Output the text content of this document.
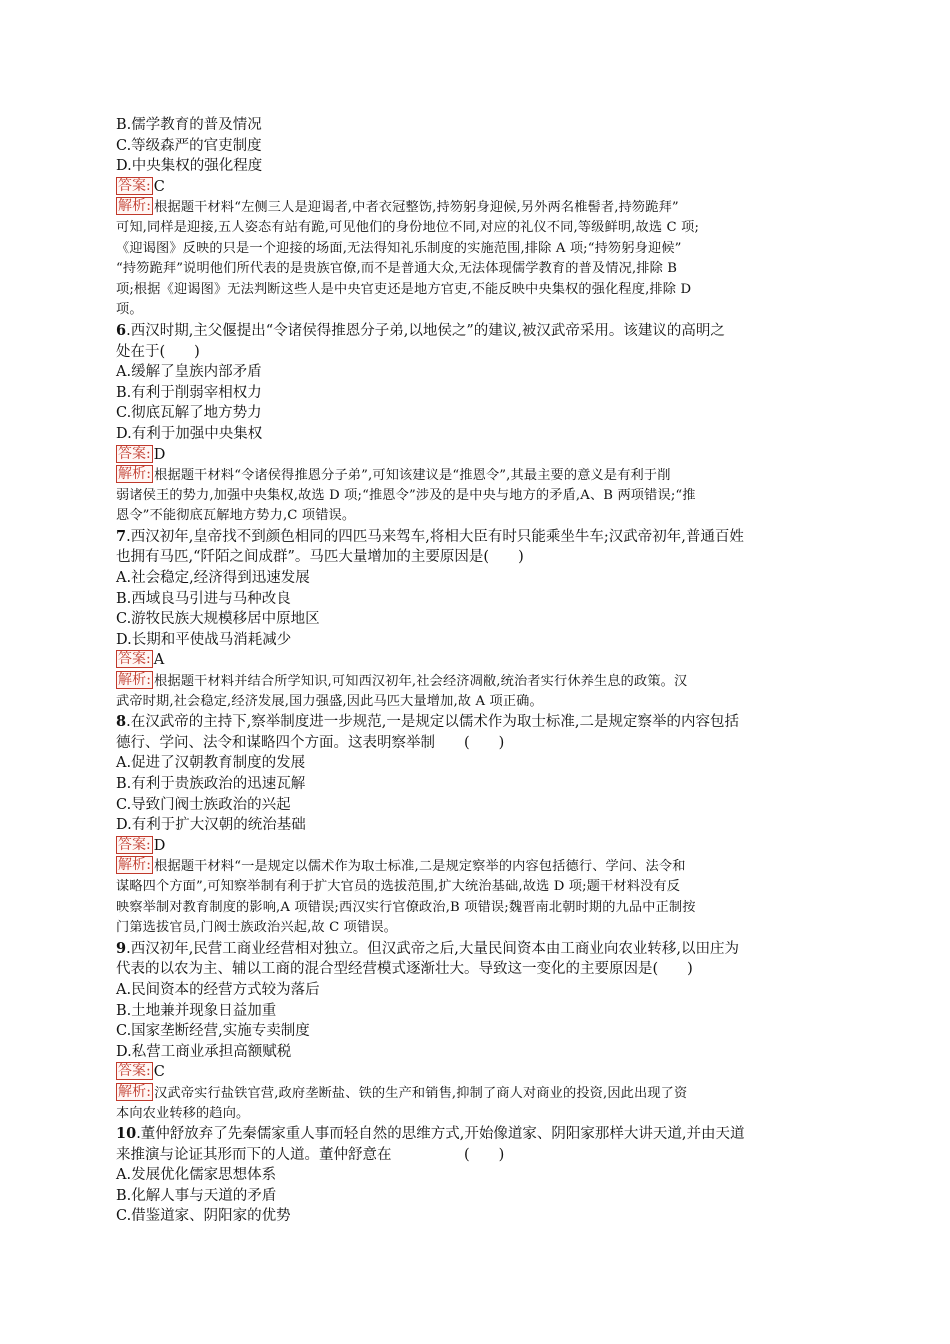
B.儒学教育的普及情况
C.等级森严的官吏制度
D.中央集权的强化程度
答案: C
解析: 根据题干材料“左侧三人是迎谒者,中者衣冠整饬,持笏躬身迎候,另外两名椎髻者,持笏跪拜”
可知,同样是迎接,五人姿态有站有跪,可见他们的身份地位不同,对应的礼仪不同,等级鲜明,故选 C 项;
《迎谒图》反映的只是一个迎接的场面,无法得知礼乐制度的实施范围,排除 A 项;“持笏躬身迎候”
“持笏跪拜”说明他们所代表的是贵族官僚,而不是普通大众,无法体现儒学教育的普及情况,排除 B
项;根据《迎谒图》无法判断这些人是中央官吏还是地方官吏,不能反映中央集权的强化程度,排除 D
项。
6.西汉时期,主父偃提出“令诸侯得推恩分子弟,以地侯之”的建议,被汉武帝采用。该建议的高明之
处在于(　　)
A.缓解了皇族内部矛盾
B.有利于削弱宰相权力
C.彻底瓦解了地方势力
D.有利于加强中央集权
答案: D
解析: 根据题干材料“令诸侯得推恩分子弟”,可知该建议是“推恩令”,其最主要的意义是有利于削
弱诸侯王的势力,加强中央集权,故选 D 项;“推恩令”涉及的是中央与地方的矛盾,A、B 两项错误;“推
恩令”不能彻底瓦解地方势力,C 项错误。
7.西汉初年,皇帝找不到颜色相同的四匹马来驾车,将相大臣有时只能乘坐牛车;汉武帝初年,普通百姓
也拥有马匹,“阡陌之间成群”。马匹大量增加的主要原因是(　　)
A.社会稳定,经济得到迅速发展
B.西域良马引进与马种改良
C.游牧民族大规模移居中原地区
D.长期和平使战马消耗减少
答案: A
解析: 根据题干材料并结合所学知识,可知西汉初年,社会经济凋敝,统治者实行休养生息的政策。汉
武帝时期,社会稳定,经济发展,国力强盛,因此马匹大量增加,故 A 项正确。
8.在汉武帝的主持下,察举制度进一步规范,一是规定以儒术作为取士标准,二是规定察举的内容包括
德行、学问、法令和谋略四个方面。这表明察举制　　(　　)
A.促进了汉朝教育制度的发展
B.有利于贵族政治的迅速瓦解
C.导致门阀士族政治的兴起
D.有利于扩大汉朝的统治基础
答案: D
解析: 根据题干材料“一是规定以儒术作为取士标准,二是规定察举的内容包括德行、学问、法令和
谋略四个方面”,可知察举制有利于扩大官员的选拔范围,扩大统治基础,故选 D 项;题干材料没有反
映察举制对教育制度的影响,A 项错误;西汉实行官僚政治,B 项错误;魏晋南北朝时期的九品中正制按
门第选拔官员,门阀士族政治兴起,故 C 项错误。
9.西汉初年,民营工商业经营相对独立。但汉武帝之后,大量民间资本由工商业向农业转移,以田庄为
代表的以农为主、辅以工商的混合型经营模式逐渐壮大。导致这一变化的主要原因是(　　)
A.民间资本的经营方式较为落后
B.土地兼并现象日益加重
C.国家垄断经营,实施专卖制度
D.私营工商业承担高额赋税
答案: C
解析: 汉武帝实行盐铁官营,政府垄断盐、铁的生产和销售,抑制了商人对商业的投资,因此出现了资
本向农业转移的趋向。
10.董仲舒放弃了先秦儒家重人事而轻自然的思维方式,开始像道家、阴阳家那样大讲天道,并由天道
来推演与论证其形而下的人道。董仲舒意在　　　　　(　　)
A.发展优化儒家思想体系
B.化解人事与天道的矛盾
C.借鉴道家、阴阳家的优势
